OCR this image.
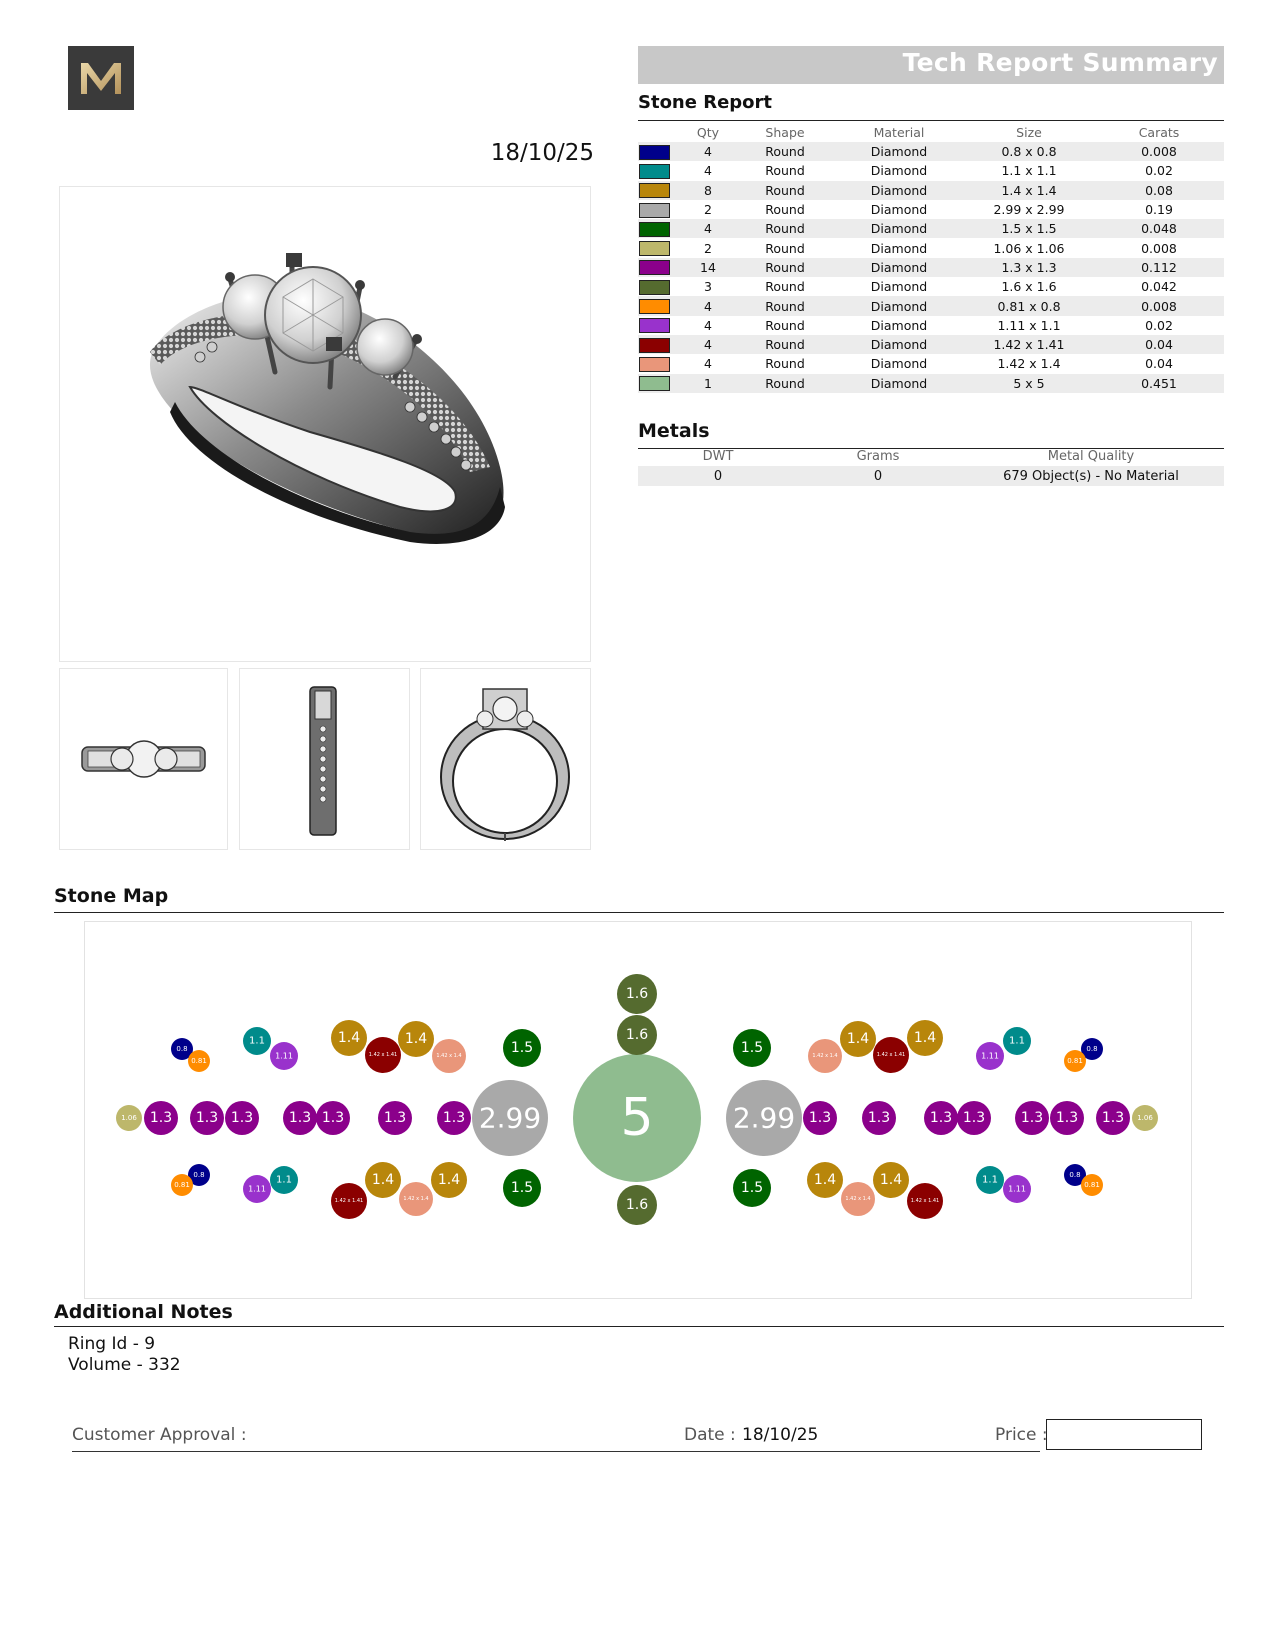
Tech Report Summary
18/10/25
Stone Report
	Qty	Shape	Material	Size	Carats
	4	Round	Diamond	0.8 x 0.8	0.008
	4	Round	Diamond	1.1 x 1.1	0.02
	8	Round	Diamond	1.4 x 1.4	0.08
	2	Round	Diamond	2.99 x 2.99	0.19
	4	Round	Diamond	1.5 x 1.5	0.048
	2	Round	Diamond	1.06 x 1.06	0.008
	14	Round	Diamond	1.3 x 1.3	0.112
	3	Round	Diamond	1.6 x 1.6	0.042
	4	Round	Diamond	0.81 x 0.8	0.008
	4	Round	Diamond	1.11 x 1.1	0.02
	4	Round	Diamond	1.42 x 1.41	0.04
	4	Round	Diamond	1.42 x 1.4	0.04
	1	Round	Diamond	5 x 5	0.451
Metals
DWT	Grams	Metal Quality
0	0	679 Object(s) - No Material
Stone Map
5
1.6
1.6
1.6
2.99
2.99	1.3
1.3	1.3
1.3	1.3
1.3	1.3
1.3	1.3
1.3	1.3
1.3	1.3
1.3	1.06
1.06
1.5
1.5
1.5
1.5
1.4
1.4	1.4
1.4
1.42 x 1.41
1.42 x 1.41	1.42 x 1.4
1.42 x 1.4
1.4
1.4	1.4
1.4
1.42 x 1.41
1.42 x 1.41	1.42 x 1.4
1.42 x 1.4
1.1
1.1
1.11
1.11
1.1
1.1
1.11
1.11
0.8
0.8
0.81
0.81
0.8
0.8
0.81
0.81
Additional Notes
Ring Id - 9
Volume - 332
Customer Approval :	Date : 18/10/25	Price :
